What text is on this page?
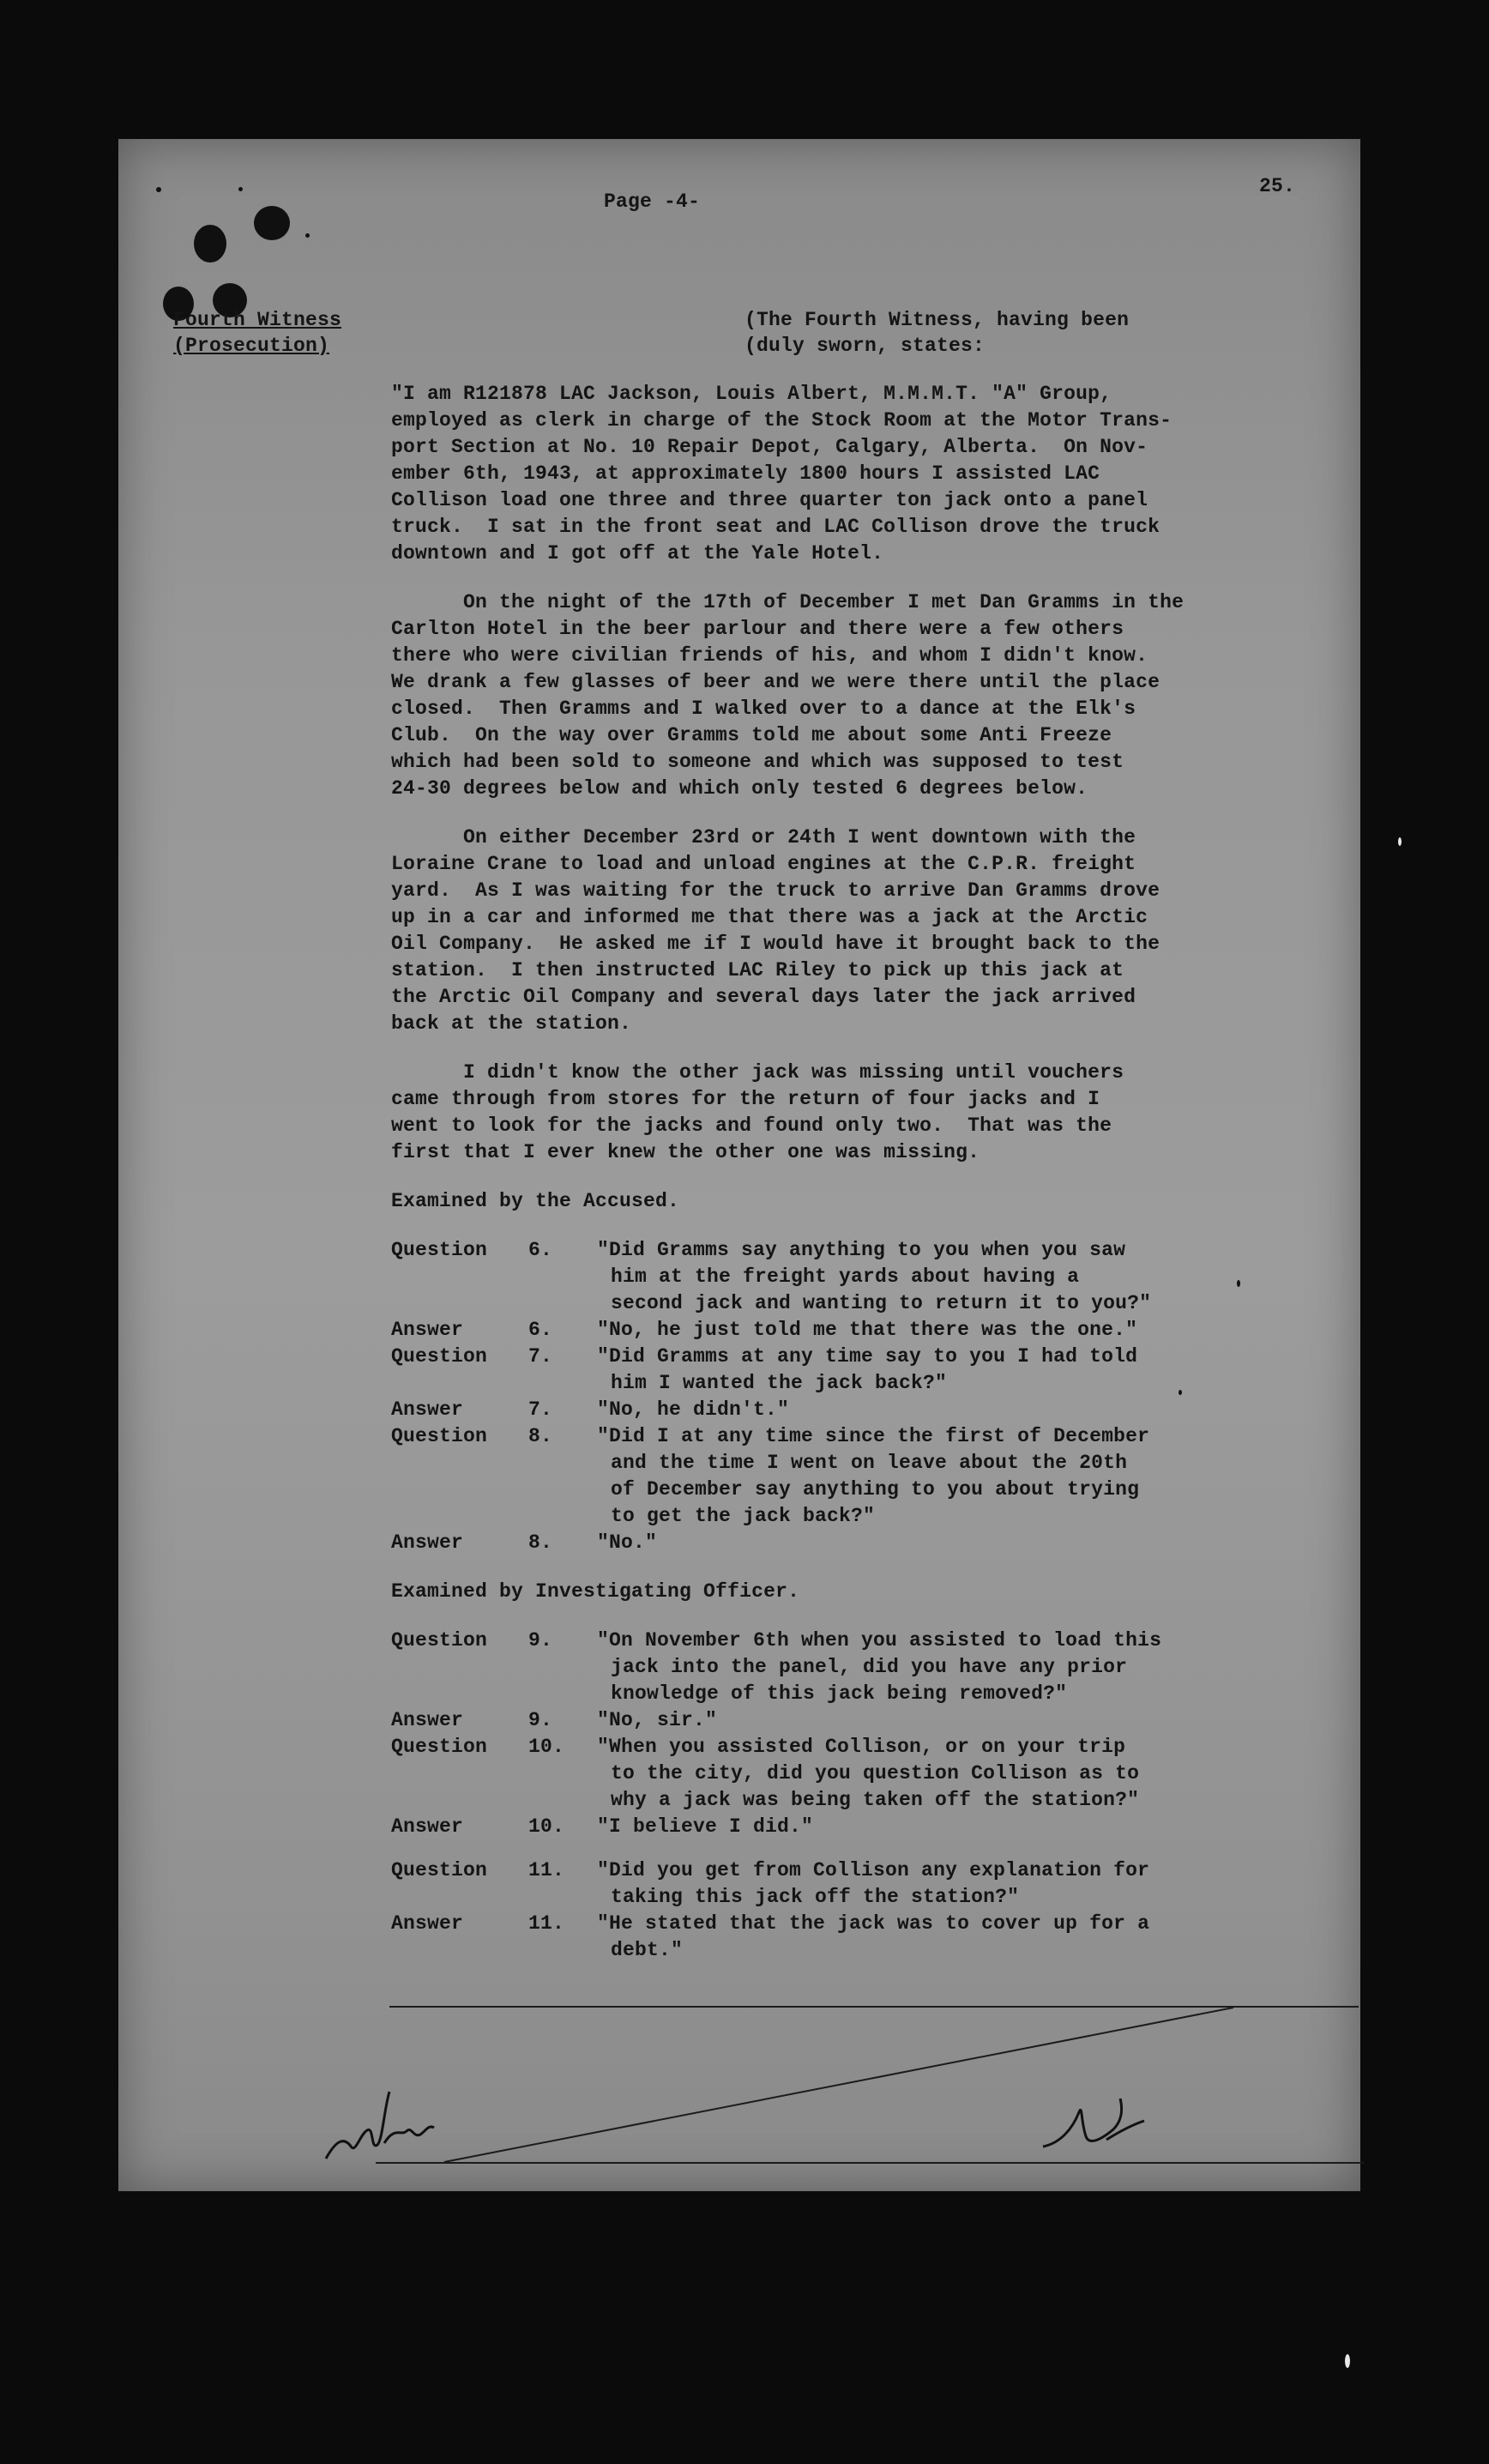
Page -4-
25.
Fourth Witness
(Prosecution)
(The Fourth Witness, having been
(duly sworn, states:
"I am R121878 LAC Jackson, Louis Albert, M.M.M.T. "A" Group,
employed as clerk in charge of the Stock Room at the Motor Trans-
port Section at No. 10 Repair Depot, Calgary, Alberta.  On Nov-
ember 6th, 1943, at approximately 1800 hours I assisted LAC
Collison load one three and three quarter ton jack onto a panel
truck.  I sat in the front seat and LAC Collison drove the truck
downtown and I got off at the Yale Hotel.
On the night of the 17th of December I met Dan Gramms in the
Carlton Hotel in the beer parlour and there were a few others
there who were civilian friends of his, and whom I didn't know.
We drank a few glasses of beer and we were there until the place
closed.  Then Gramms and I walked over to a dance at the Elk's
Club.  On the way over Gramms told me about some Anti Freeze
which had been sold to someone and which was supposed to test
24-30 degrees below and which only tested 6 degrees below.
On either December 23rd or 24th I went downtown with the
Loraine Crane to load and unload engines at the C.P.R. freight
yard.  As I was waiting for the truck to arrive Dan Gramms drove
up in a car and informed me that there was a jack at the Arctic
Oil Company.  He asked me if I would have it brought back to the
station.  I then instructed LAC Riley to pick up this jack at
the Arctic Oil Company and several days later the jack arrived
back at the station.
I didn't know the other jack was missing until vouchers
came through from stores for the return of four jacks and I
went to look for the jacks and found only two.  That was the
first that I ever knew the other one was missing.
Examined by the Accused.
Question	6.	"Did Gramms say anything to you when you saw
him at the freight yards about having a
second jack and wanting to return it to you?"

Answer	6.	"No, he just told me that there was the one."

Question	7.	"Did Gramms at any time say to you I had told
him I wanted the jack back?"

Answer	7.	"No, he didn't."

Question	8.	"Did I at any time since the first of December
and the time I went on leave about the 20th
of December say anything to you about trying
to get the jack back?"

Answer	8.	"No."
Examined by Investigating Officer.
Question	9.	"On November 6th when you assisted to load this
jack into the panel, did you have any prior
knowledge of this jack being removed?"

Answer	9.	"No, sir."

Question	10.	"When you assisted Collison, or on your trip
to the city, did you question Collison as to
why a jack was being taken off the station?"

Answer	10.	"I believe I did."

Question	11.	"Did you get from Collison any explanation for
taking this jack off the station?"

Answer	11.	"He stated that the jack was to cover up for a
debt."
